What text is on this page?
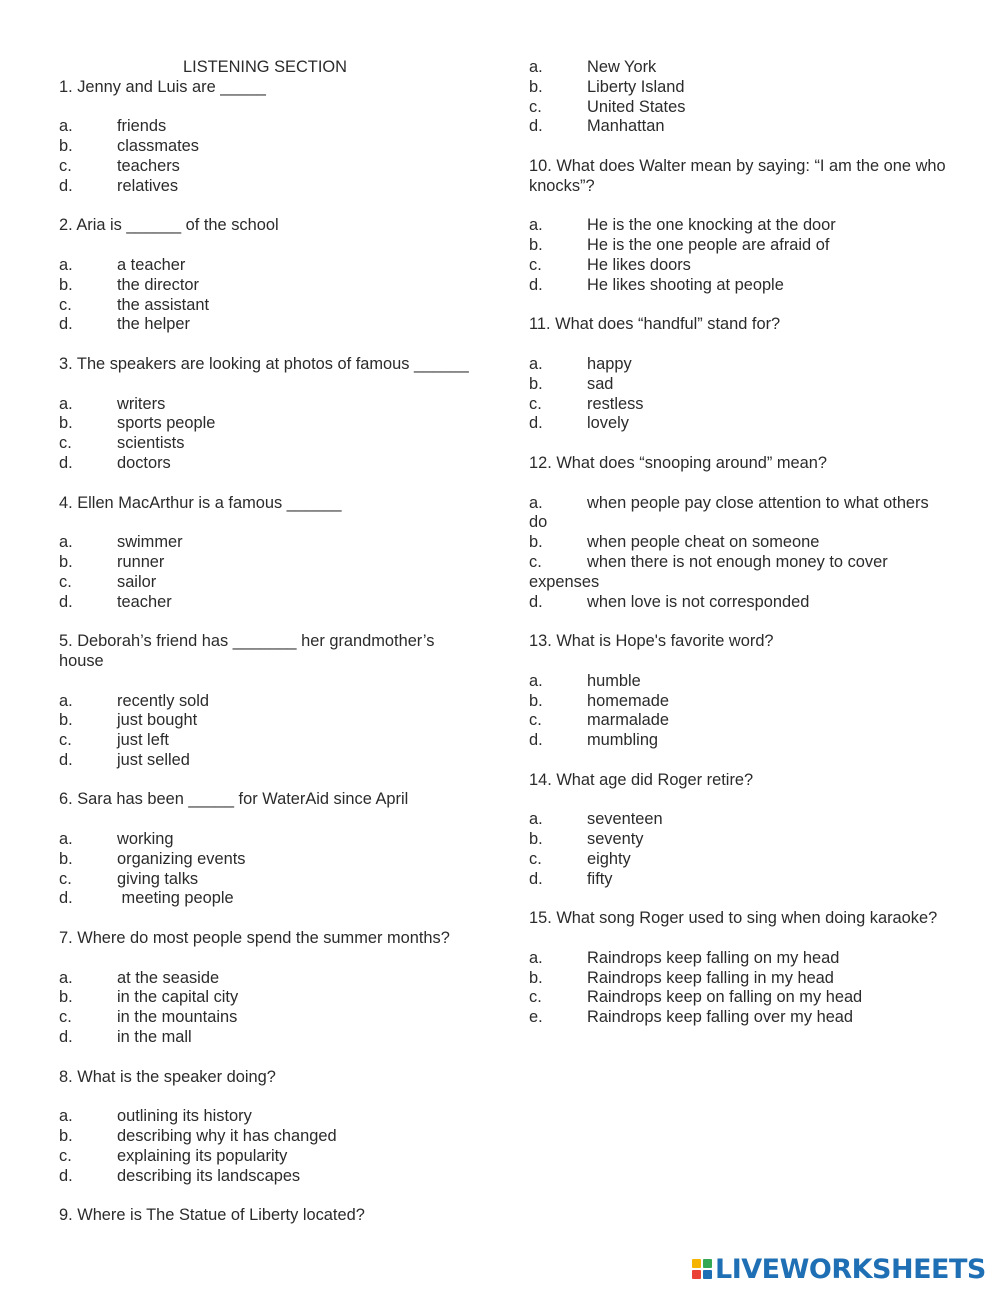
LISTENING SECTION
1. Jenny and Luis are _____
a.	friends
b.	classmates
c.	teachers
d.	relatives
2. Aria is ______ of the school
a.	a teacher
b.	the director
c.	the assistant
d.	the helper
3. The speakers are looking at photos of famous ______
a.	writers
b.	sports people
c.	scientists
d.	doctors
4. Ellen MacArthur is a famous ______
a.	swimmer
b.	runner
c.	sailor
d.	teacher
5. Deborah’s friend has _______ her grandmother’s house
a.	recently sold
b.	just bought
c.	just left
d.	just selled
6. Sara has been _____ for WaterAid since April
a.	working
b.	organizing events
c.	giving talks
d.	meeting people
7. Where do most people spend the summer months?
a.	at the seaside
b.	in the capital city
c.	in the mountains
d.	in the mall
8. What is the speaker doing?
a.	outlining its history
b.	describing why it has changed
c.	explaining its popularity
d.	describing its landscapes
9. Where is The Statue of Liberty located?
a.	New York
b.	Liberty Island
c.	United States
d.	Manhattan
10. What does Walter mean by saying: “I am the one who knocks”?
a.	He is the one knocking at the door
b.	He is the one people are afraid of
c.	He likes doors
d.	He likes shooting at people
11. What does “handful” stand for?
a.	happy
b.	sad
c.	restless
d.	lovely
12. What does “snooping around” mean?
a.	when people pay close attention to what others do
b.	when people cheat on someone
c.	when there is not enough money to cover expenses
d.	when love is not corresponded
13. What is Hope's favorite word?
a.	humble
b.	homemade
c.	marmalade
d.	mumbling
14. What age did Roger retire?
a.	seventeen
b.	seventy
c.	eighty
d.	fifty
15. What song Roger used to sing when doing karaoke?
a.	Raindrops keep falling on my head
b.	Raindrops keep falling in my head
c.	Raindrops keep on falling on my head
e.	Raindrops keep falling over my head
LIVEWORKSHEETS
